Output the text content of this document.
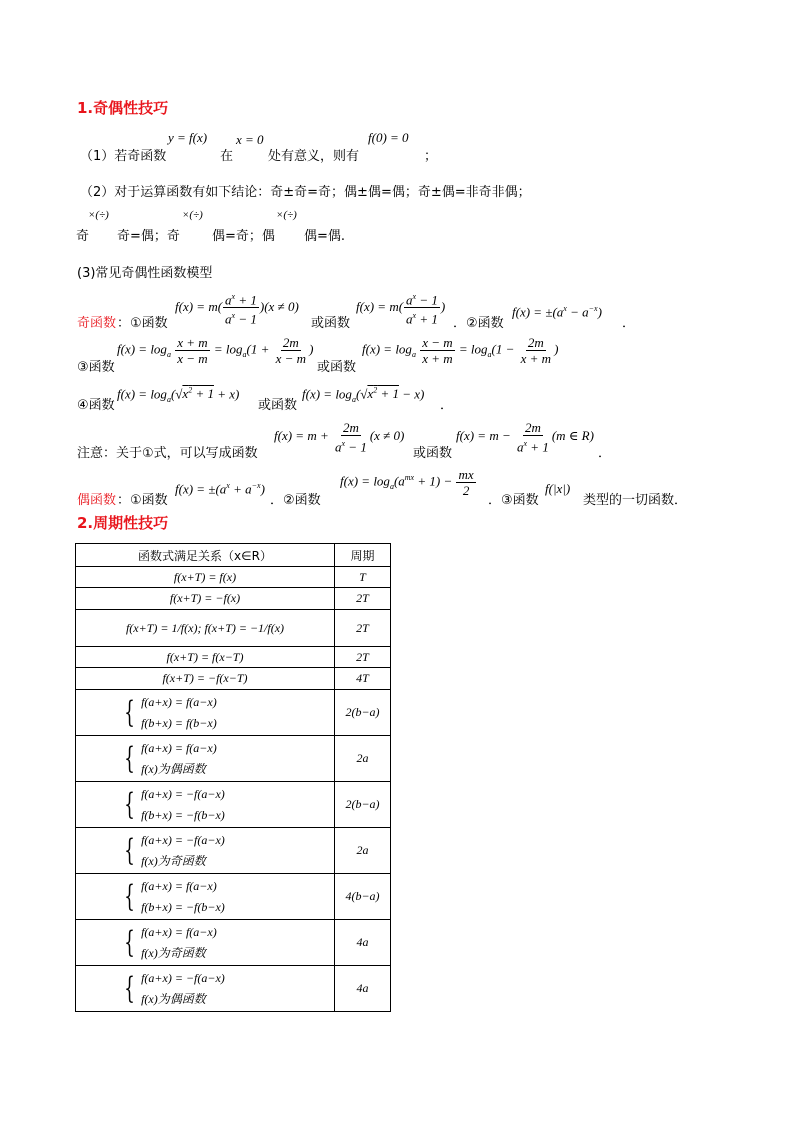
1.奇偶性技巧
（1）若奇函数
y = f(x)
在
x = 0
处有意义，则有
f(0) = 0
；
（2）对于运算函数有如下结论：奇±奇=奇；偶±偶=偶；奇±偶=非奇非偶；
奇
×(÷)
奇=偶；奇
×(÷)
偶=奇；偶
×(÷)
偶=偶.
(3)常见奇偶性函数模型
奇函数 ：①函数
$f(x) = m( \frac{a^x + 1}{a^x - 1} )(x \ne 0)$
或函数
$f(x) = m( \frac{a^x - 1}{a^x + 1}$ )
．②函数
$f(x) = \pm(a^x - a^{-x})$
．
③函数
$f(x) = \log_a \frac{x + m}{x - m} = \log_a(1 + \frac{2m}{x - m}$ )
或函数
$f(x) = \log_a \frac{x - m}{x + m} = \log_a(1 - \frac{2m}{x + m}$ )
④函数
$f(x) = \log_a(√x^2 + 1 + x)$
或函数
$f(x) = \log_a(√x^2 + 1 - x)$
．
注意：关于①式，可以写成函数
$f(x) = m + \frac{2m}{a^x - 1} (x \ne 0)$
或函数
$f(x) = m - \frac{2m}{a^x + 1} (m$ ∈ R)
．
偶函数 ：①函数
$f(x) = \pm(a^x + a^{-x})$
．②函数
$f(x) = \log_a(a^{mx} + 1) - \frac{mx}{2}$
．③函数
f(|x|)
类型的一切函数．
2.周期性技巧
函数式满足关系（x∈R）	周期
f(x+T) = f(x)	T
f(x+T) = −f(x)	2T
f(x+T) = 1/f(x); f(x+T) = −1/f(x)	2T
f(x+T) = f(x−T)	2T
f(x+T) = −f(x−T)	4T

{ f(a+x) = f(a−x)
f(b+x) = f(b−x)	2(b−a)

{ f(a+x) = f(a−x)
f(x)为偶函数	2a

{ f(a+x) = −f(a−x)
f(b+x) = −f(b−x)	2(b−a)

{ f(a+x) = −f(a−x)
f(x)为奇函数	2a

{ f(a+x) = f(a−x)
f(b+x) = −f(b−x)	4(b−a)

{ f(a+x) = f(a−x)
f(x)为奇函数	4a

{ f(a+x) = −f(a−x)
f(x)为偶函数	4a
